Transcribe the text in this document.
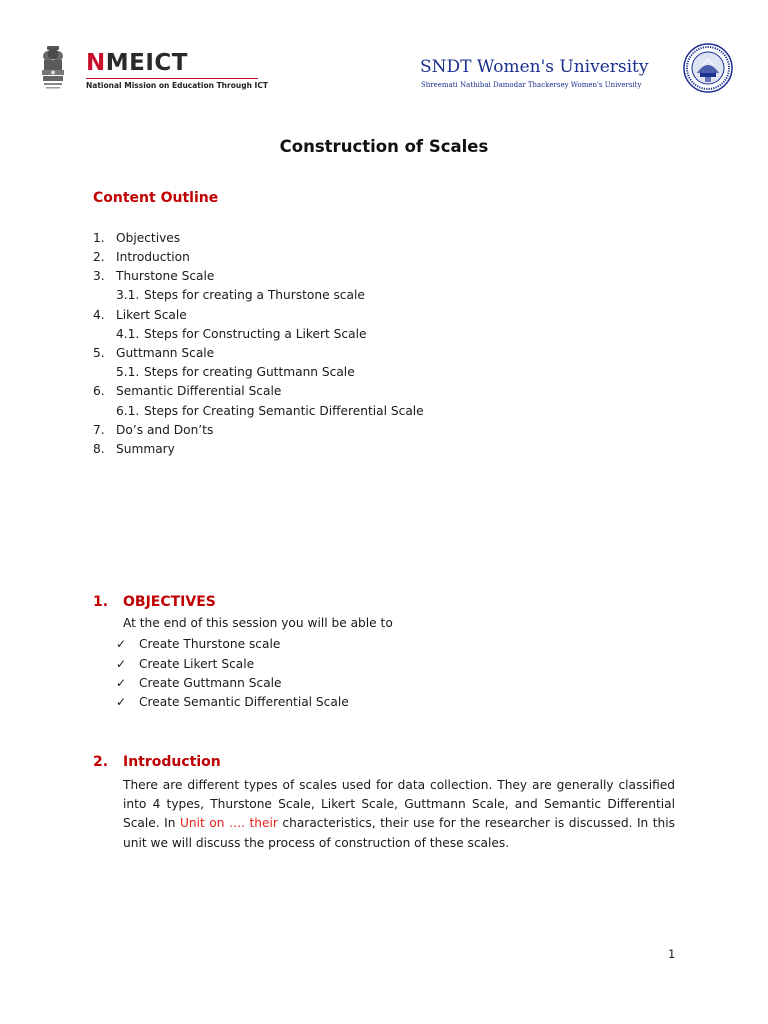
NMEICT
National Mission on Education Through ICT
SNDT Women's University
Shreemati Nathibai Damodar Thackersey Women's University
Construction of Scales
Content Outline
1. Objectives
2. Introduction
3. Thurstone Scale
3.1. Steps for creating a Thurstone scale
4. Likert Scale
4.1. Steps for Constructing a Likert Scale
5. Guttmann Scale
5.1. Steps for creating Guttmann Scale
6. Semantic Differential Scale
6.1. Steps for Creating Semantic Differential Scale
7. Do’s and Don’ts
8. Summary
1. OBJECTIVES
At the end of this session you will be able to
✓ Create Thurstone scale
✓ Create Likert Scale
✓ Create Guttmann Scale
✓ Create Semantic Differential Scale
2. Introduction
There are different types of scales used for data collection. They are generally classified into 4 types, Thurstone Scale, Likert Scale, Guttmann Scale, and Semantic Differential Scale. In Unit on …. their characteristics, their use for the researcher is discussed. In this unit we will discuss the process of construction of these scales.
1
